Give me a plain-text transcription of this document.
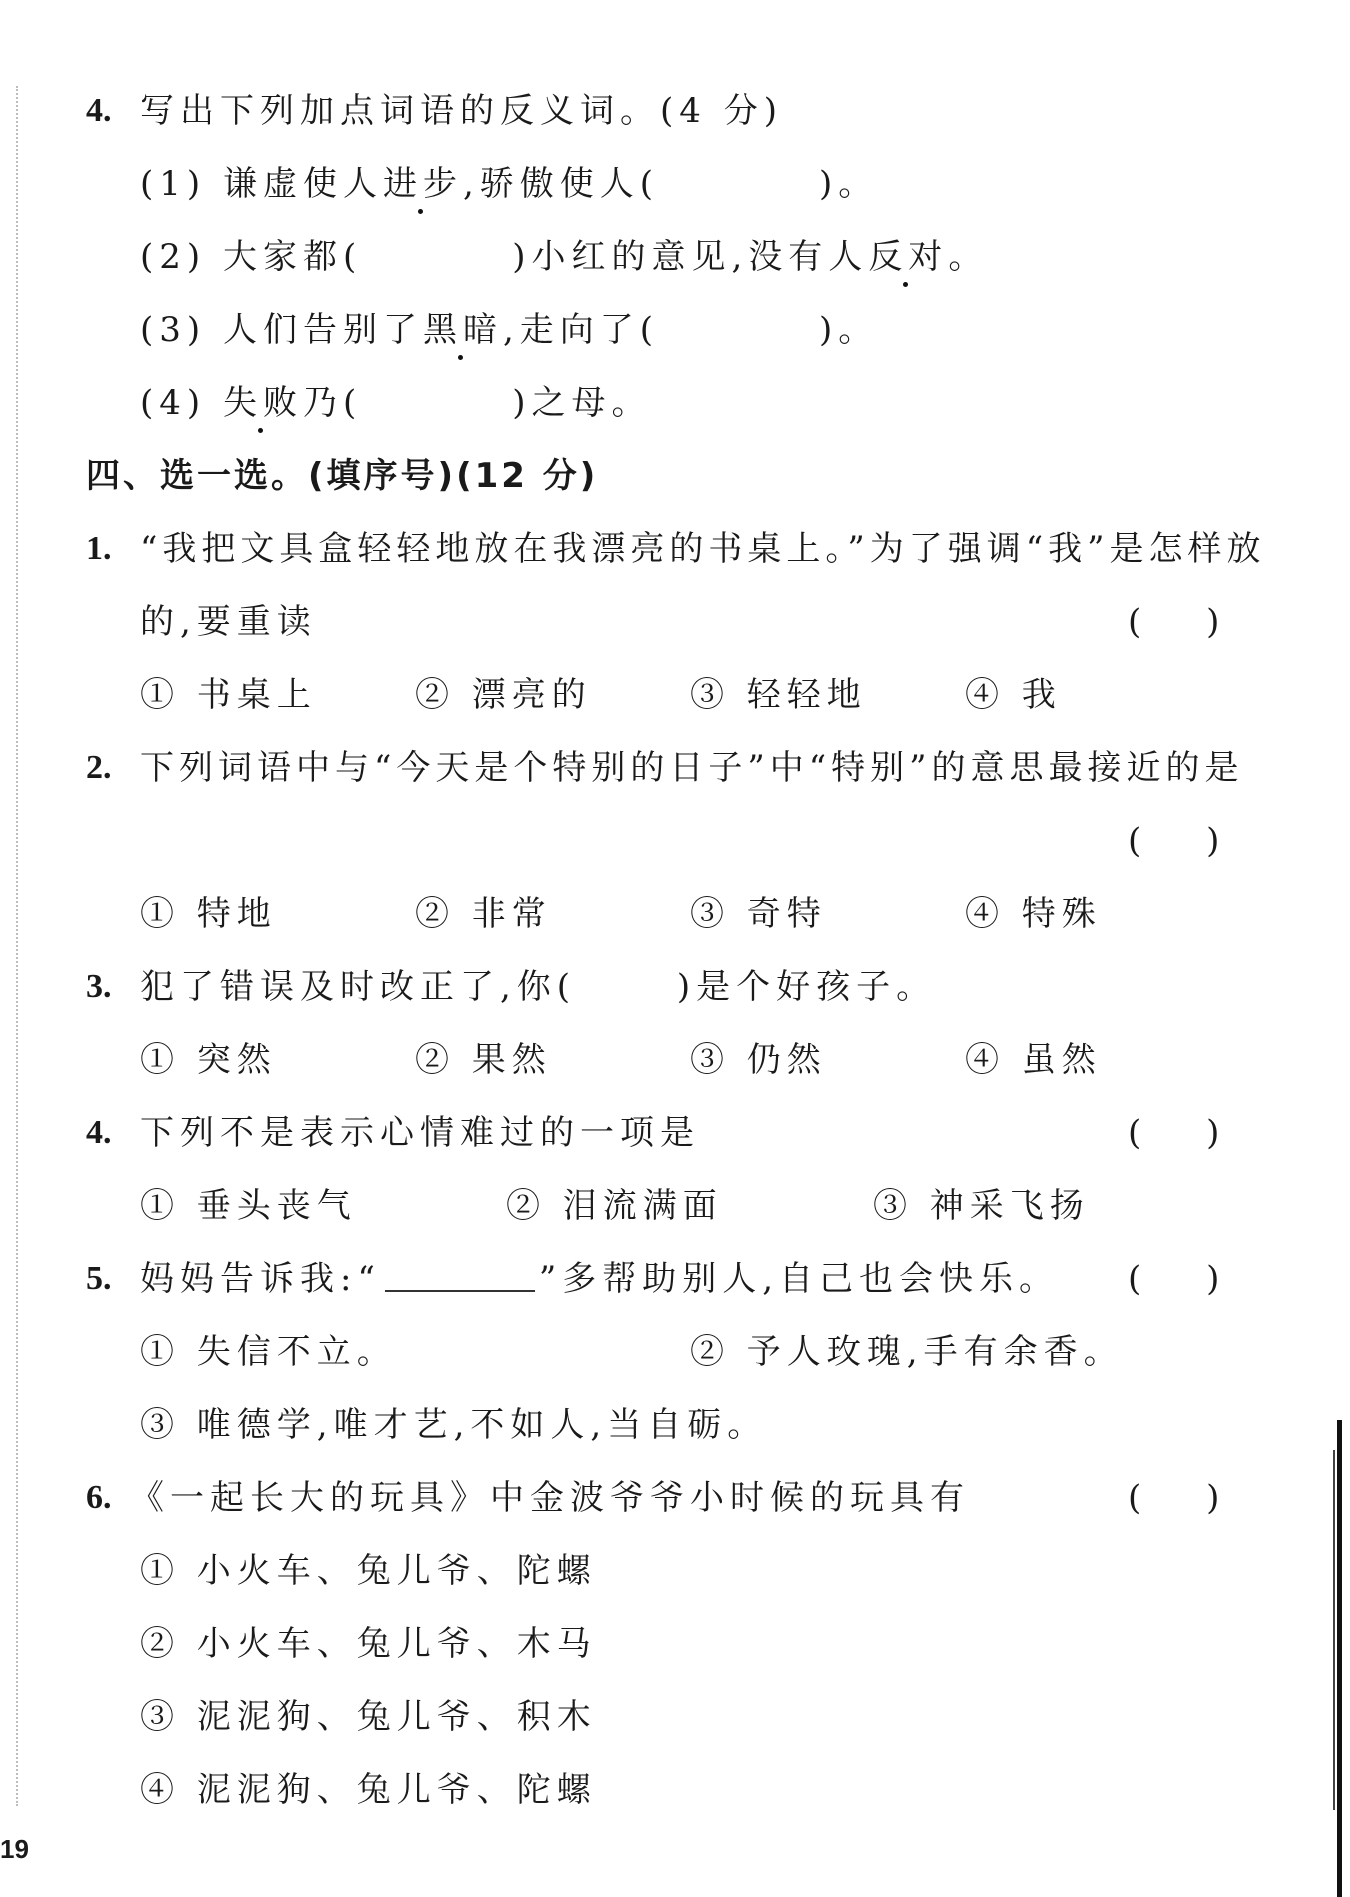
4. 写出下列加点词语的反义词。(4 分)
(1) 谦虚使人进步,骄傲使人(	)。
(2) 大家都(	)小红的意见,没有人反对。
(3) 人们告别了黑暗,走向了(	)。
(4) 失败乃(	)之母。
四、选一选。(填序号)(12 分)
1. “我把文具盒轻轻地放在我漂亮的书桌上。”为了强调“我”是怎样放
的,要重读	(      )
① 书桌上	② 漂亮的	③ 轻轻地	④ 我
2. 下列词语中与“今天是个特别的日子”中“特别”的意思最接近的是
(      )
① 特地	② 非常	③ 奇特	④ 特殊
3. 犯了错误及时改正了,你(      )是个好孩子。
① 突然	② 果然	③ 仍然	④ 虽然
4. 下列不是表示心情难过的一项是	(      )
① 垂头丧气	② 泪流满面	③ 神采飞扬
5. 妈妈告诉我:“	”多帮助别人,自己也会快乐。 (      )
① 失信不立。	② 予人玫瑰,手有余香。
③ 唯德学,唯才艺,不如人,当自砺。
6. 《一起长大的玩具》中金波爷爷小时候的玩具有	(      )
① 小火车、兔儿爷、陀螺
② 小火车、兔儿爷、木马
③ 泥泥狗、兔儿爷、积木
④ 泥泥狗、兔儿爷、陀螺
19
